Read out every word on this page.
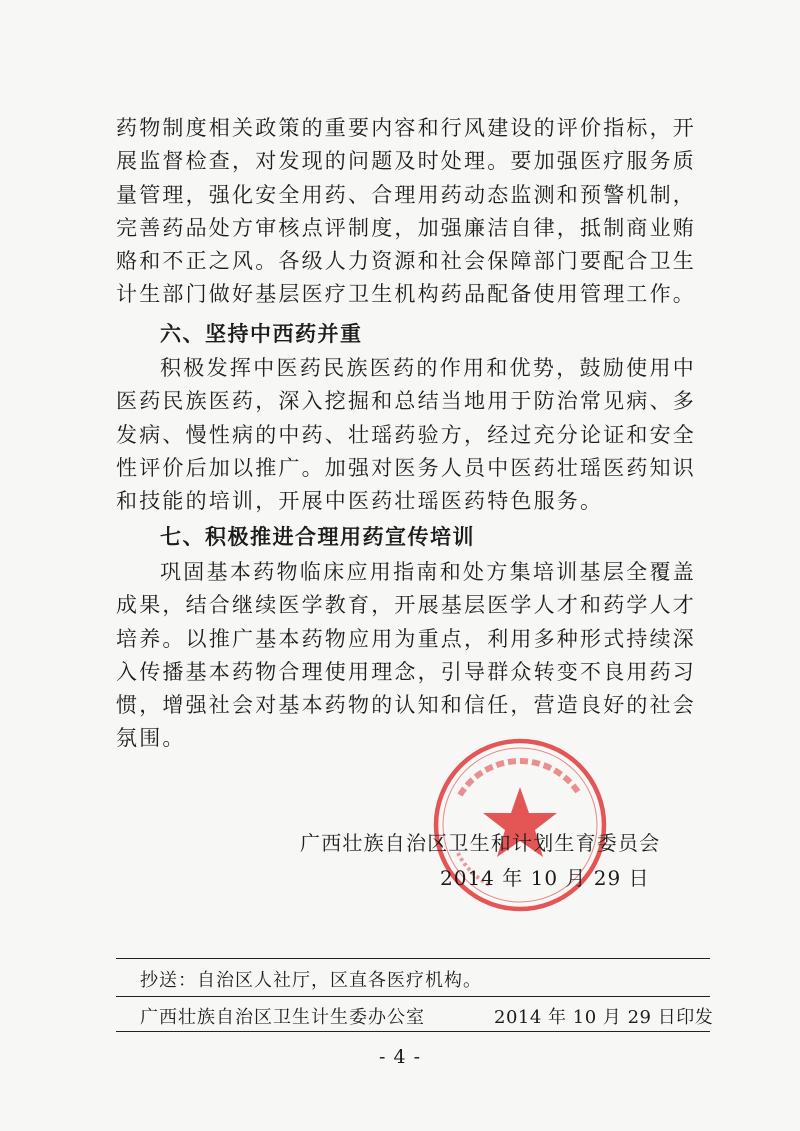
药物制度相关政策的重要内容和行风建设的评价指标，开展监督检查，对发现的问题及时处理。要加强医疗服务质量管理，强化安全用药、合理用药动态监测和预警机制，完善药品处方审核点评制度，加强廉洁自律，抵制商业贿赂和不正之风。各级人力资源和社会保障部门要配合卫生计生部门做好基层医疗卫生机构药品配备使用管理工作。

六、坚持中西药并重

积极发挥中医药民族医药的作用和优势，鼓励使用中医药民族医药，深入挖掘和总结当地用于防治常见病、多发病、慢性病的中药、壮瑶药验方，经过充分论证和安全性评价后加以推广。加强对医务人员中医药壮瑶医药知识和技能的培训，开展中医药壮瑶医药特色服务。

七、积极推进合理用药宣传培训

巩固基本药物临床应用指南和处方集培训基层全覆盖成果，结合继续医学教育，开展基层医学人才和药学人才培养。以推广基本药物应用为重点，利用多种形式持续深入传播基本药物合理使用理念，引导群众转变不良用药习惯，增强社会对基本药物的认知和信任，营造良好的社会氛围。

广西壮族自治区卫生和计划生育委员会
2014 年 10 月 29 日
抄送：自治区人社厅，区直各医疗机构。
广西壮族自治区卫生计生委办公室	2014 年 10 月 29 日印发
- 4 -
